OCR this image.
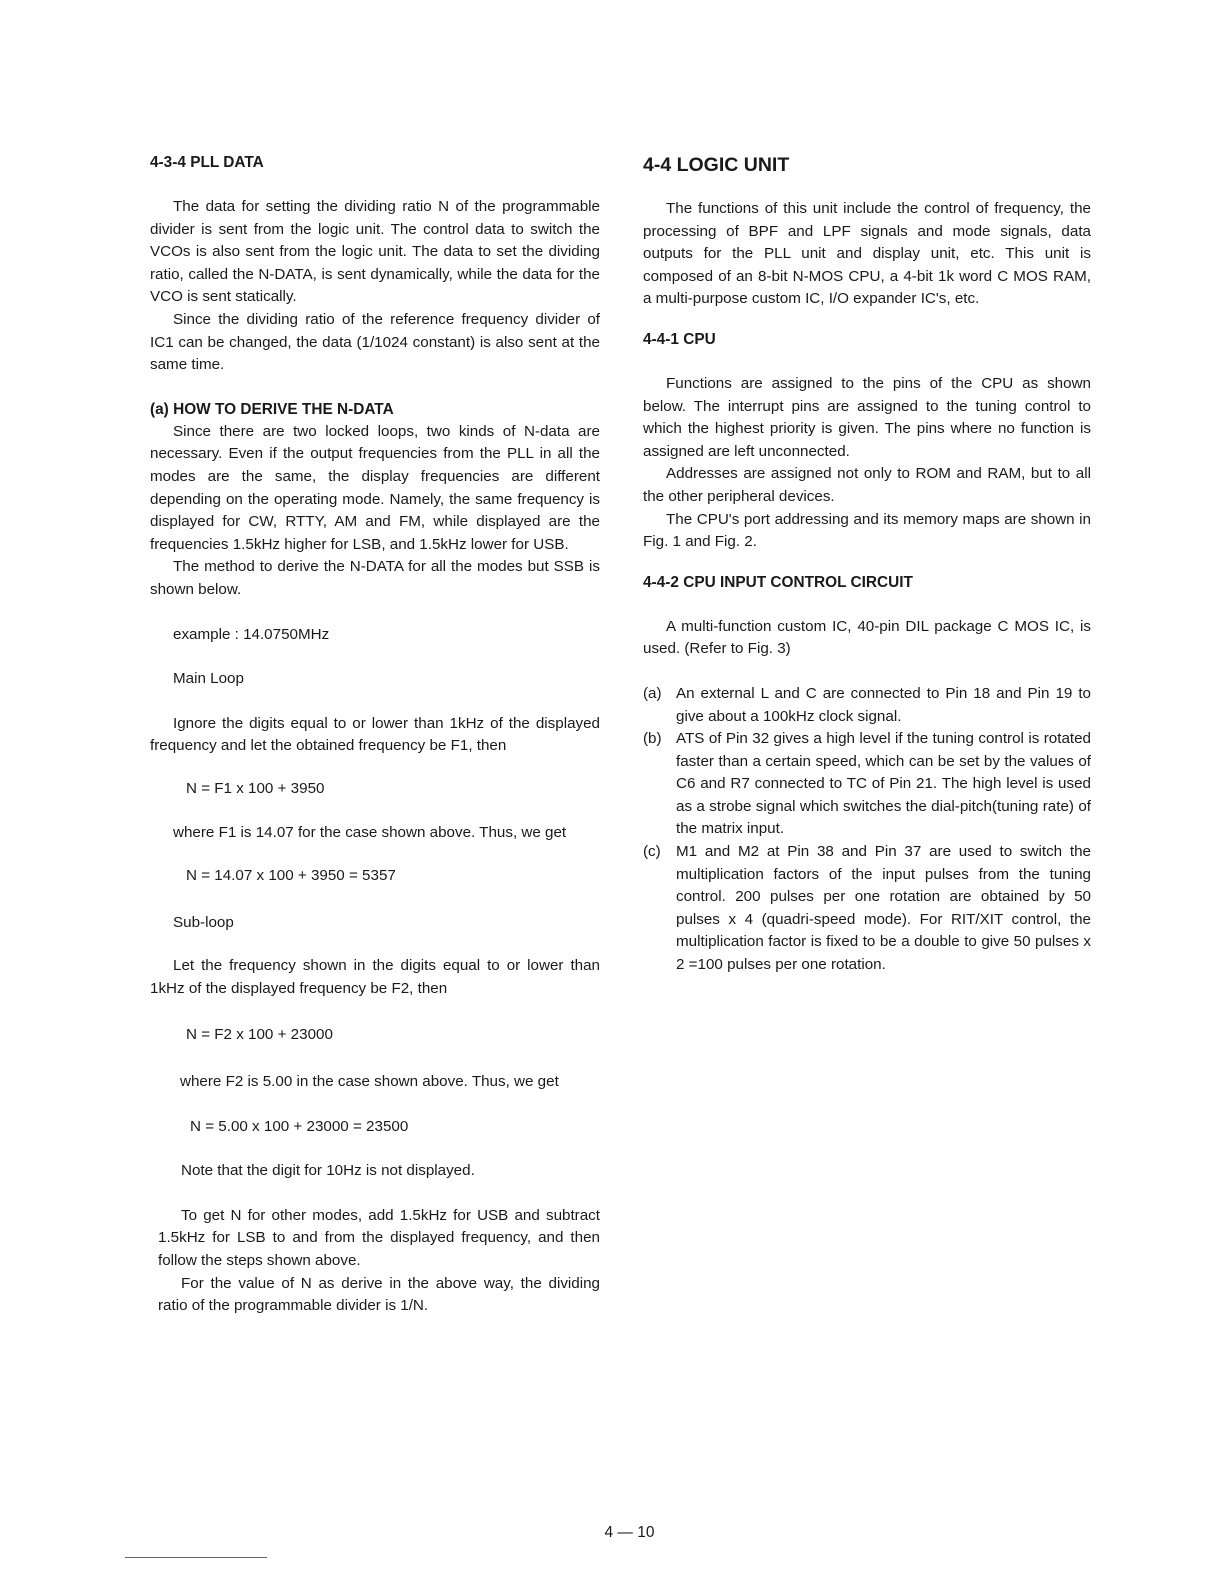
4-3-4 PLL DATA

The data for setting the dividing ratio N of the programmable divider is sent from the logic unit. The control data to switch the VCOs is also sent from the logic unit. The data to set the dividing ratio, called the N-DATA, is sent dynamically, while the data for the VCO is sent statically.

Since the dividing ratio of the reference frequency divider of IC1 can be changed, the data (1/1024 constant) is also sent at the same time.

(a) HOW TO DERIVE THE N-DATA

Since there are two locked loops, two kinds of N-data are necessary. Even if the output frequencies from the PLL in all the modes are the same, the display frequencies are different depending on the operating mode. Namely, the same frequency is displayed for CW, RTTY, AM and FM, while displayed are the frequencies 1.5kHz higher for LSB, and 1.5kHz lower for USB.

The method to derive the N-DATA for all the modes but SSB is shown below.

example : 14.0750MHz
Main Loop

Ignore the digits equal to or lower than 1kHz of the displayed frequency and let the obtained frequency be F1, then

N = F1 x 100 + 3950

where F1 is 14.07 for the case shown above. Thus, we get

N = 14.07 x 100 + 3950 = 5357
Sub-loop

Let the frequency shown in the digits equal to or lower than 1kHz of the displayed frequency be F2, then

N = F2 x 100 + 23000
where F2 is 5.00 in the case shown above. Thus, we get
N = 5.00 x 100 + 23000 = 23500
Note that the digit for 10Hz is not displayed.

To get N for other modes, add 1.5kHz for USB and subtract 1.5kHz for LSB to and from the displayed frequency, and then follow the steps shown above.

For the value of N as derive in the above way, the dividing ratio of the programmable divider is 1/N.

4-4 LOGIC UNIT

The functions of this unit include the control of frequency, the processing of BPF and LPF signals and mode signals, data outputs for the PLL unit and display unit, etc. This unit is composed of an 8-bit N-MOS CPU, a 4-bit 1k word C MOS RAM, a multi-purpose custom IC, I/O expander IC's, etc.

4-4-1 CPU

Functions are assigned to the pins of the CPU as shown below. The interrupt pins are assigned to the tuning control to which the highest priority is given. The pins where no function is assigned are left unconnected.

Addresses are assigned not only to ROM and RAM, but to all the other peripheral devices.

The CPU's port addressing and its memory maps are shown in Fig. 1 and Fig. 2.

4-4-2 CPU INPUT CONTROL CIRCUIT

A multi-function custom IC, 40-pin DIL package C MOS IC, is used. (Refer to Fig. 3)

(a) An external L and C are connected to Pin 18 and Pin 19 to give about a 100kHz clock signal.
(b) ATS of Pin 32 gives a high level if the tuning control is rotated faster than a certain speed, which can be set by the values of C6 and R7 connected to TC of Pin 21. The high level is used as a strobe signal which switches the dial-pitch(tuning rate) of the matrix input.
(c)	M1 and M2 at Pin 38 and Pin 37 are used to switch the multiplication factors of the input pulses from the tuning control. 200 pulses per one rotation are obtained by 50 pulses x 4 (quadri-speed mode). For RIT/XIT control, the multiplication factor is fixed to be a double to give 50 pulses x 2 =100 pulses per one rotation.
4 — 10
